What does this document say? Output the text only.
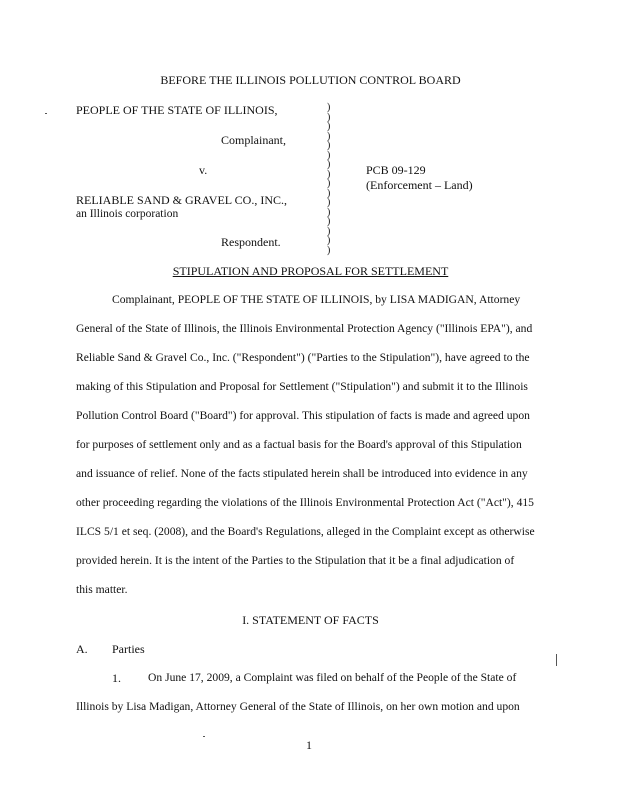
BEFORE THE ILLINOIS POLLUTION CONTROL BOARD
PEOPLE OF THE STATE OF ILLINOIS,
Complainant,
v.
RELIABLE SAND & GRAVEL CO., INC.,
an Illinois corporation
Respondent.
)
)
)
)
)
)
)
)
)
)
)
)
)
)
)
)
PCB 09-129
(Enforcement – Land)
STIPULATION AND PROPOSAL FOR SETTLEMENT
Complainant, PEOPLE OF THE STATE OF ILLINOIS, by LISA MADIGAN, Attorney
General of the State of Illinois, the Illinois Environmental Protection Agency ("Illinois EPA"), and
Reliable Sand & Gravel Co., Inc. ("Respondent") ("Parties to the Stipulation"), have agreed to the
making of this Stipulation and Proposal for Settlement ("Stipulation") and submit it to the Illinois
Pollution Control Board ("Board") for approval. This stipulation of facts is made and agreed upon
for purposes of settlement only and as a factual basis for the Board's approval of this Stipulation
and issuance of relief. None of the facts stipulated herein shall be introduced into evidence in any
other proceeding regarding the violations of the Illinois Environmental Protection Act ("Act"), 415
ILCS 5/1 et seq. (2008), and the Board's Regulations, alleged in the Complaint except as otherwise
provided herein. It is the intent of the Parties to the Stipulation that it be a final adjudication of
this matter.
I. STATEMENT OF FACTS
A. Parties
1. On June 17, 2009, a Complaint was filed on behalf of the People of the State of
Illinois by Lisa Madigan, Attorney General of the State of Illinois, on her own motion and upon
1
